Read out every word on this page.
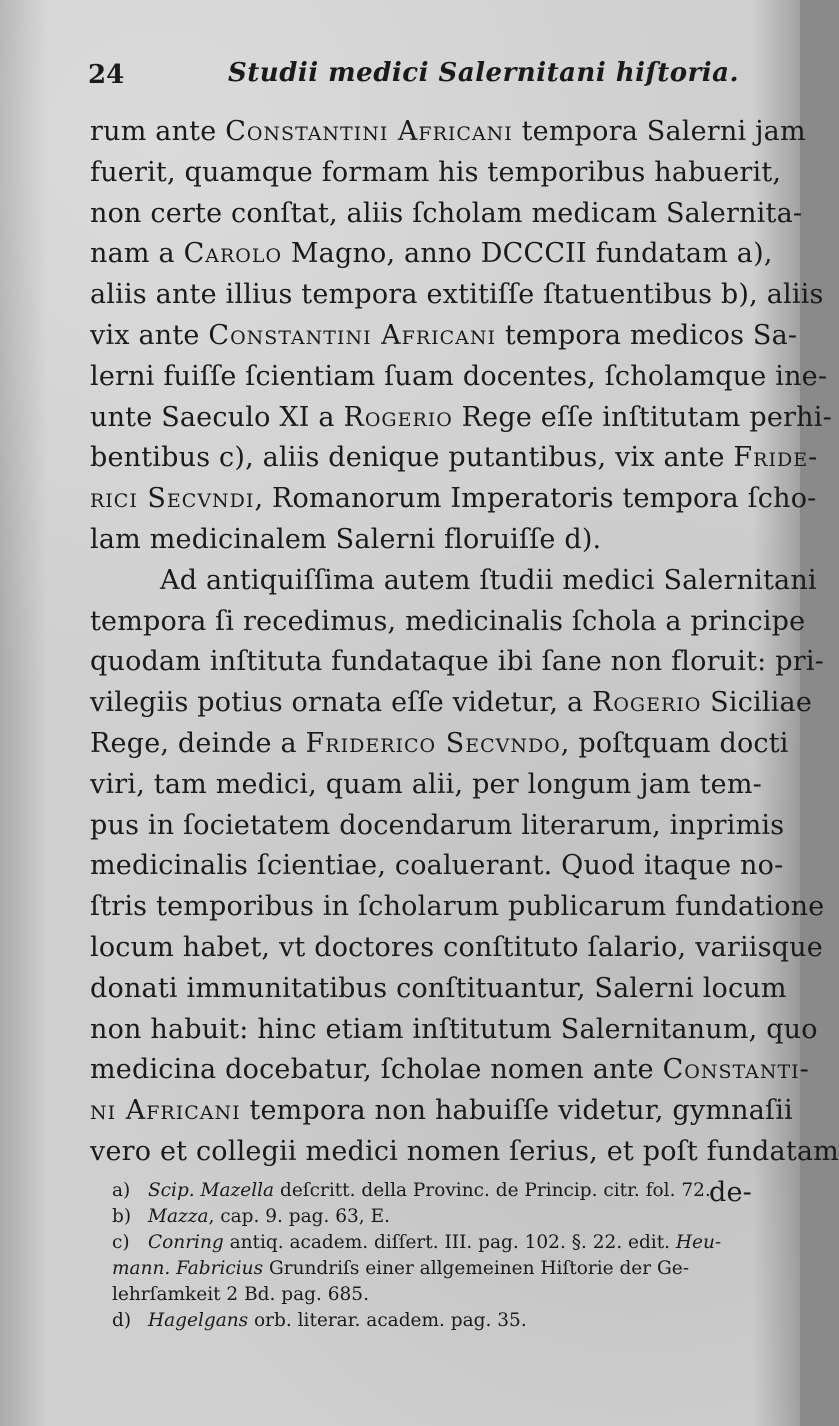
24	Studii medici Salernitani hiſtoria.
rum ante Constantini Africani tempora Salerni jam
fuerit, quamque formam his temporibus habuerit,
non certe conſtat, aliis ſcholam medicam Salernita-
nam a Carolo Magno, anno DCCCII fundatam a),
aliis ante illius tempora extitiſſe ſtatuentibus b), aliis
vix ante Constantini Africani tempora medicos Sa-
lerni fuiſſe ſcientiam ſuam docentes, ſcholamque ine-
unte Saeculo XI a Rogerio Rege eſſe inſtitutam perhi-
bentibus c), aliis denique putantibus, vix ante Fride-
rici Secvndi, Romanorum Imperatoris tempora ſcho-
lam medicinalem Salerni floruiſſe d).
Ad antiquiſſima autem ſtudii medici Salernitani
tempora ſi recedimus, medicinalis ſchola a principe
quodam inſtituta fundataque ibi ſane non floruit: pri-
vilegiis potius ornata eſſe videtur, a Rogerio Siciliae
Rege, deinde a Friderico Secvndo, poſtquam docti
viri, tam medici, quam alii, per longum jam tem-
pus in ſocietatem docendarum literarum, inprimis
medicinalis ſcientiae, coaluerant. Quod itaque no-
ſtris temporibus in ſcholarum publicarum fundatione
locum habet, vt doctores conſtituto ſalario, variisque
donati immunitatibus conſtituantur, Salerni locum
non habuit: hinc etiam inſtitutum Salernitanum, quo
medicina docebatur, ſcholae nomen ante Constanti-
ni Africani tempora non habuiſſe videtur, gymnaſii
vero et collegii medici nomen ſerius, et poſt fundatam
de-
a) Scip. Mazella deſcritt. della Provinc. de Princip. citr. fol. 72.
b) Mazza, cap. 9. pag. 63, E.
c) Conring antiq. academ. diſſert. III. pag. 102. §. 22. edit. Heu-
mann. Fabricius Grundriſs einer allgemeinen Hiſtorie der Ge-
lehrſamkeit 2 Bd. pag. 685.
d) Hagelgans orb. literar. academ. pag. 35.
